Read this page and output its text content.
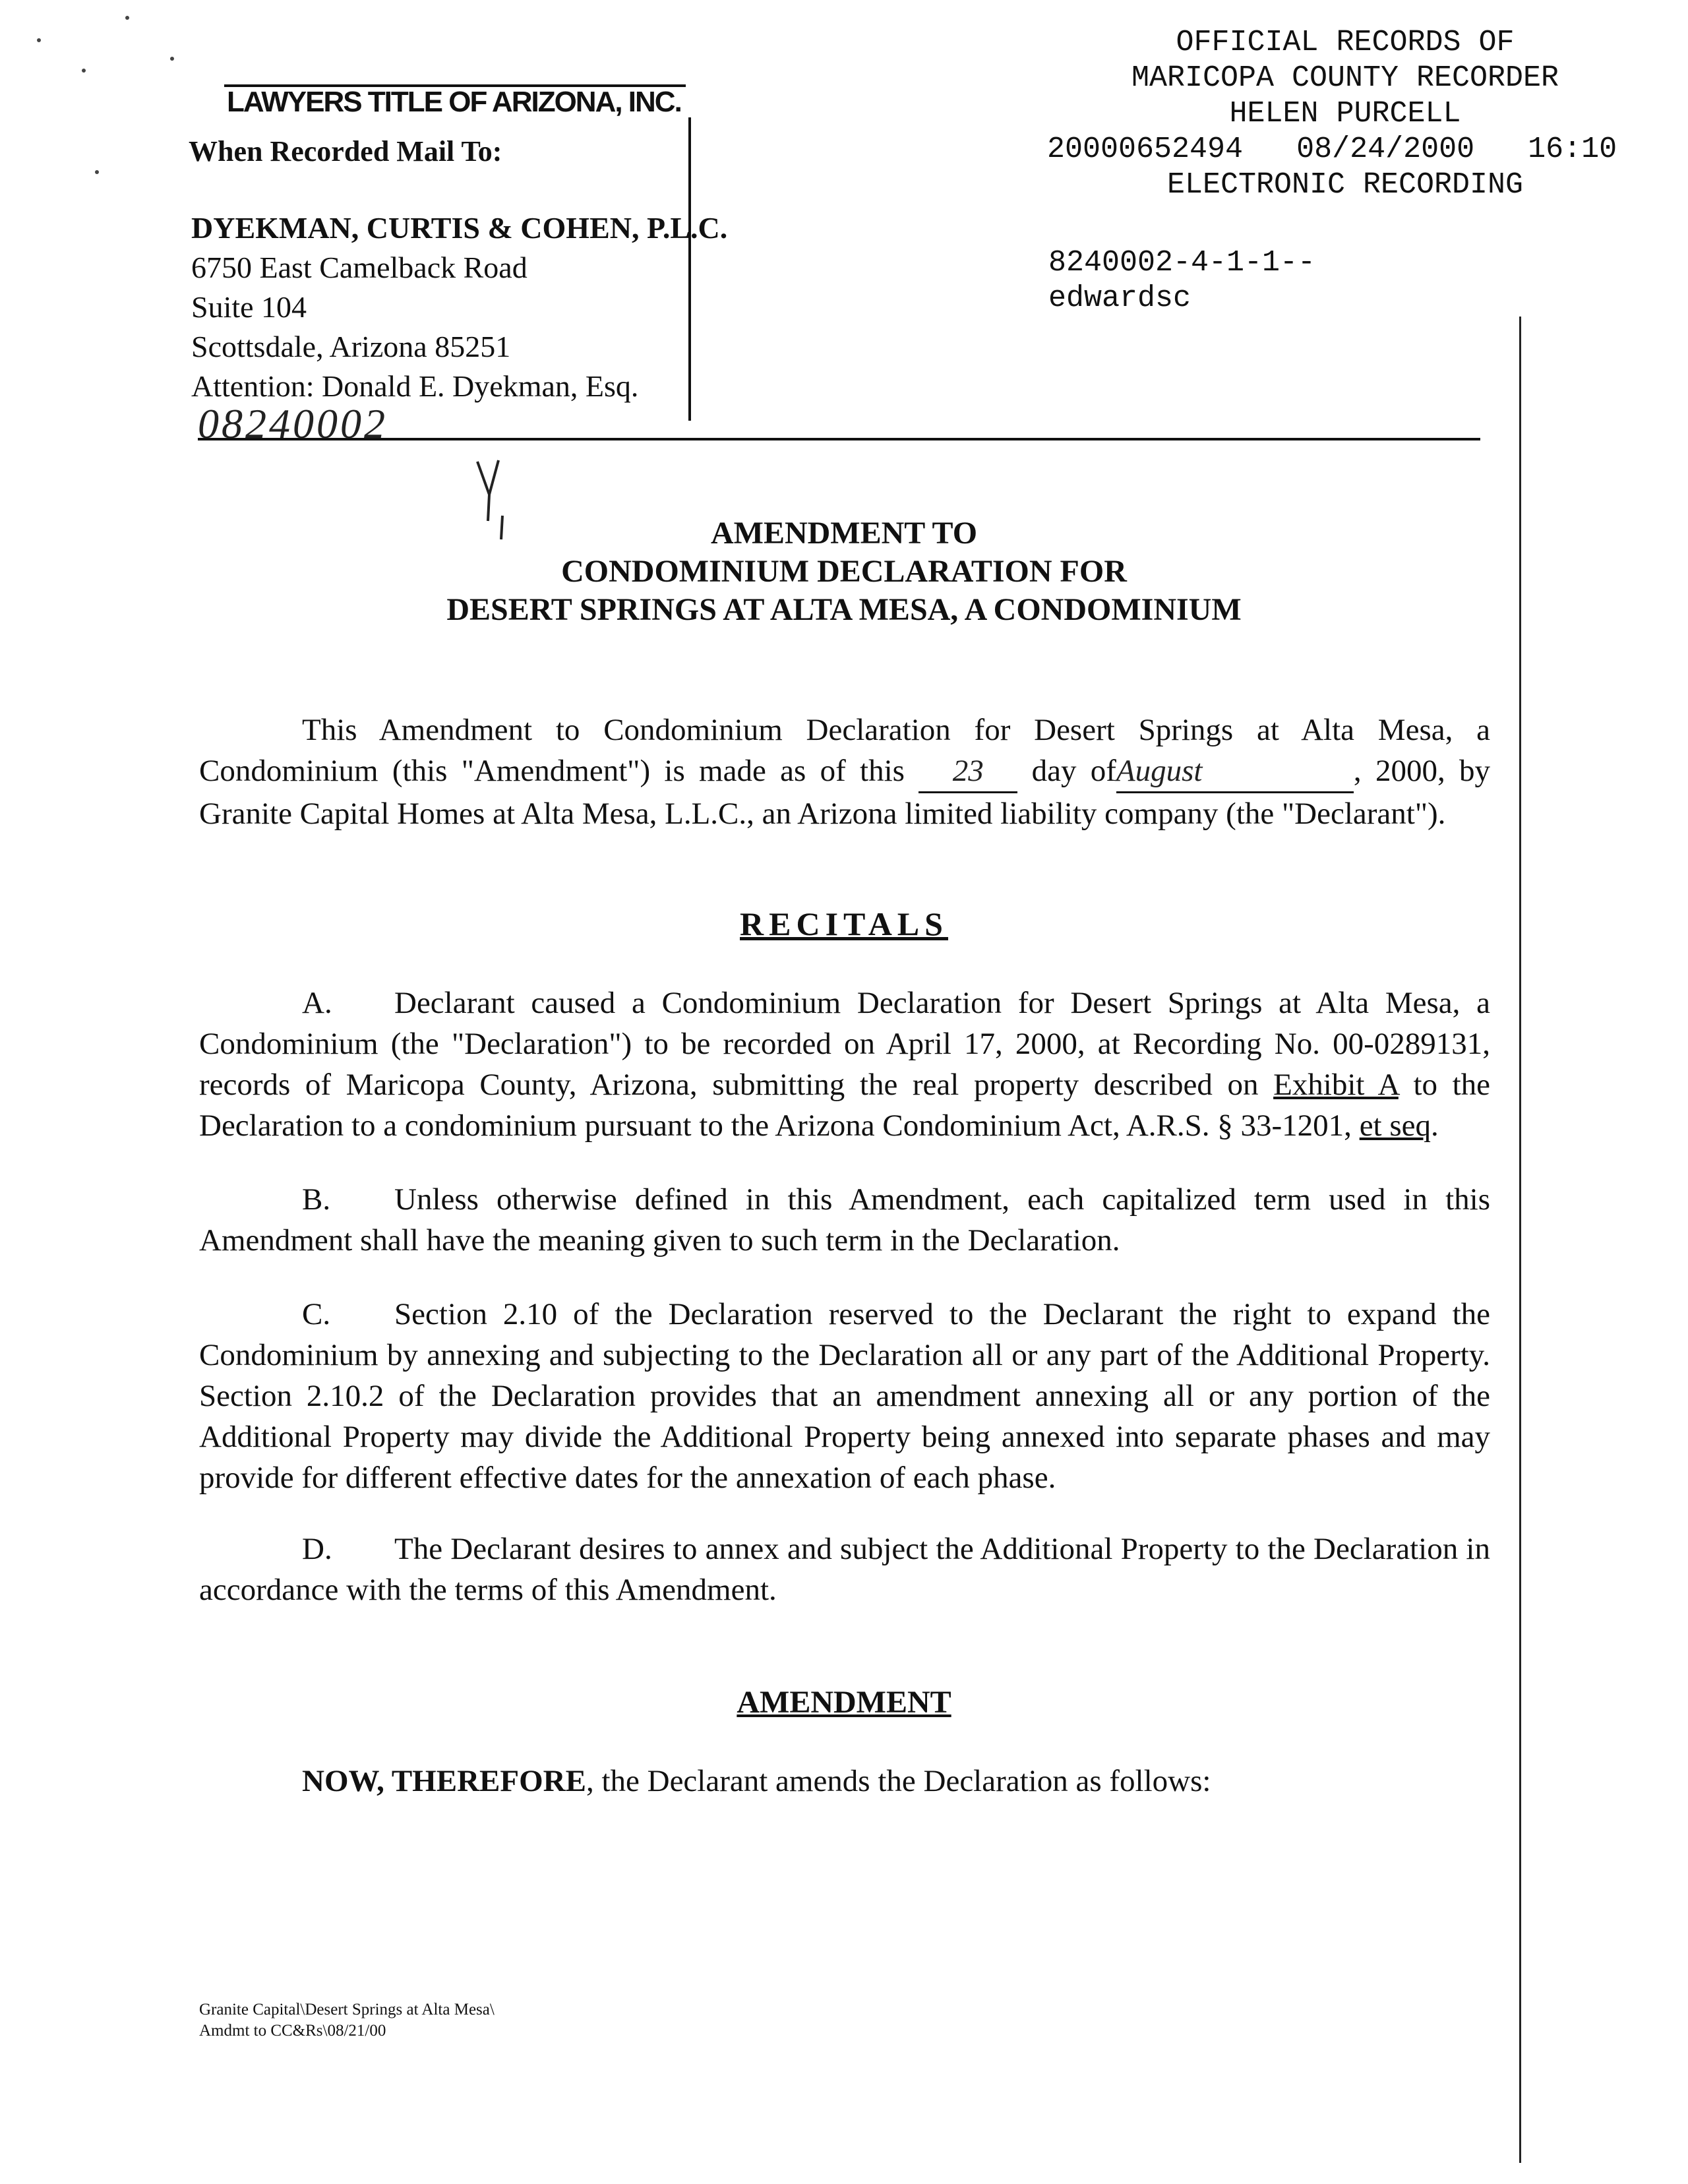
OFFICIAL RECORDS OF
MARICOPA COUNTY RECORDER
HELEN PURCELL
20000652494 08/24/2000 16:10
ELECTRONIC RECORDING
8240002-4-1-1--
edwardsc
LAWYERS TITLE OF ARIZONA, INC.
When Recorded Mail To:
DYEKMAN, CURTIS & COHEN, P.L.C.
6750 East Camelback Road
Suite 104
Scottsdale, Arizona 85251
Attention: Donald E. Dyekman, Esq.
08240002
AMENDMENT TO
CONDOMINIUM DECLARATION FOR
DESERT SPRINGS AT ALTA MESA, A CONDOMINIUM
This Amendment to Condominium Declaration for Desert Springs at Alta Mesa, a Condominium (this "Amendment") is made as of this 23 day ofAugust	, 2000, by Granite Capital Homes at Alta Mesa, L.L.C., an Arizona limited liability company (the "Declarant").
RECITALS
A. Declarant caused a Condominium Declaration for Desert Springs at Alta Mesa, a Condominium (the "Declaration") to be recorded on April 17, 2000, at Recording No. 00-0289131, records of Maricopa County, Arizona, submitting the real property described on Exhibit A to the Declaration to a condominium pursuant to the Arizona Condominium Act, A.R.S. § 33-1201, et seq.
B. Unless otherwise defined in this Amendment, each capitalized term used in this Amendment shall have the meaning given to such term in the Declaration.
C. Section 2.10 of the Declaration reserved to the Declarant the right to expand the Condominium by annexing and subjecting to the Declaration all or any part of the Additional Property. Section 2.10.2 of the Declaration provides that an amendment annexing all or any portion of the Additional Property may divide the Additional Property being annexed into separate phases and may provide for different effective dates for the annexation of each phase.
D. The Declarant desires to annex and subject the Additional Property to the Declaration in accordance with the terms of this Amendment.
AMENDMENT
NOW, THEREFORE, the Declarant amends the Declaration as follows:
Granite Capital\Desert Springs at Alta Mesa\
Amdmt to CC&Rs\08/21/00
